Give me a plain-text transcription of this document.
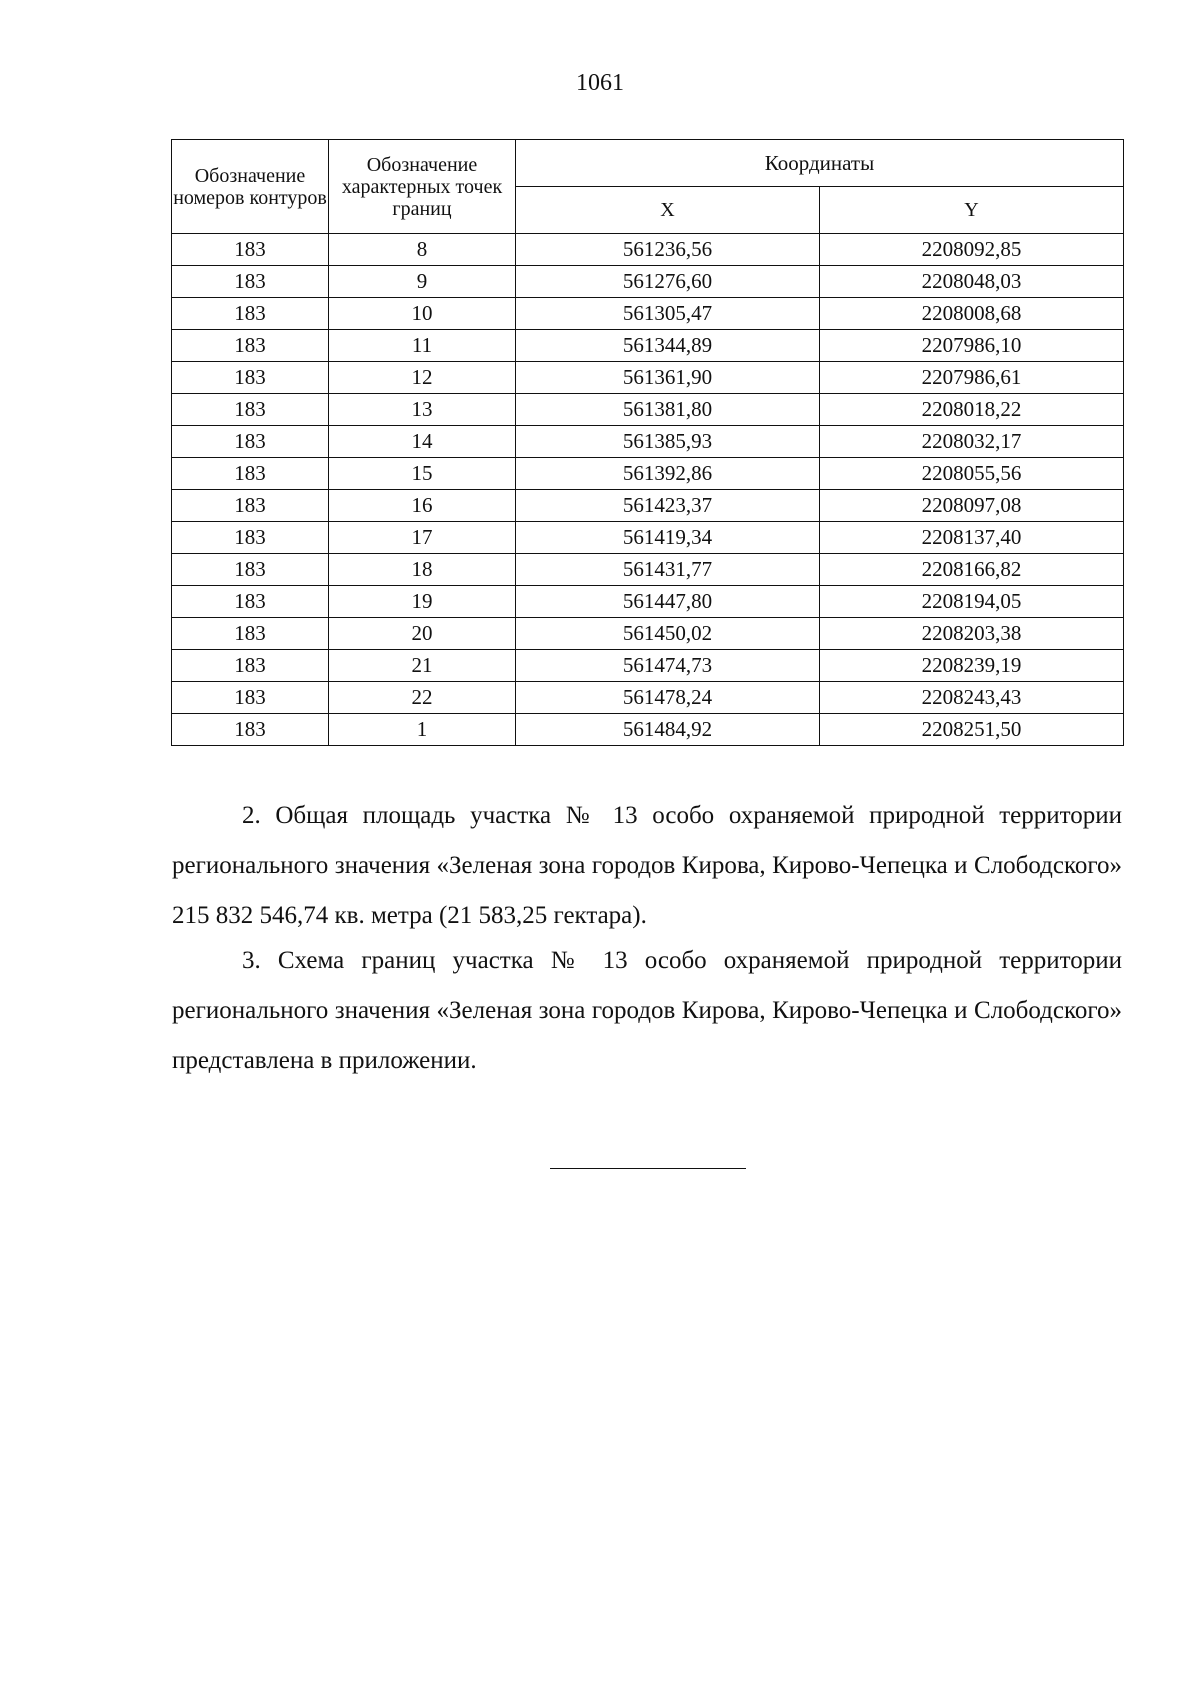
1061
Обозначение номеров контуров	Обозначение характерных точек границ	Координаты	
		X	Y
183	8	561236,56	2208092,85
183	9	561276,60	2208048,03
183	10	561305,47	2208008,68
183	11	561344,89	2207986,10
183	12	561361,90	2207986,61
183	13	561381,80	2208018,22
183	14	561385,93	2208032,17
183	15	561392,86	2208055,56
183	16	561423,37	2208097,08
183	17	561419,34	2208137,40
183	18	561431,77	2208166,82
183	19	561447,80	2208194,05
183	20	561450,02	2208203,38
183	21	561474,73	2208239,19
183	22	561478,24	2208243,43
183	1	561484,92	2208251,50

2. Общая площадь участка № 13 особо охраняемой природной территории регионального значения «Зеленая зона городов Кирова, Кирово-Чепецка и Слободского» 215 832 546,74 кв. метра (21 583,25 гектара).

3. Схема границ участка № 13 особо охраняемой природной территории регионального значения «Зеленая зона городов Кирова, Кирово-Чепецка и Слободского» представлена в приложении.
